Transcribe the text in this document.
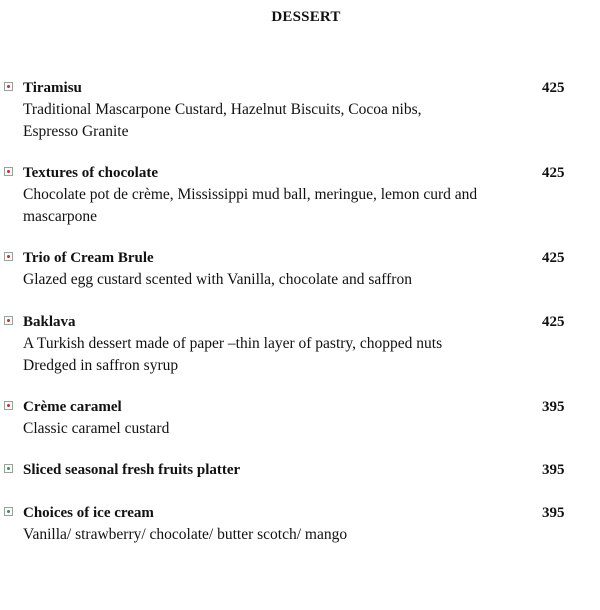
DESSERT
Tiramisu	425
Traditional Mascarpone Custard, Hazelnut Biscuits, Cocoa nibs,
Espresso Granite
Textures of chocolate	425
Chocolate pot de crème, Mississippi mud ball, meringue, lemon curd and
mascarpone
Trio of Cream Brule	425
Glazed egg custard scented with Vanilla, chocolate and saffron
Baklava	425
A Turkish dessert made of paper –thin layer of pastry, chopped nuts
Dredged in saffron syrup
Crème caramel	395
Classic caramel custard
Sliced seasonal fresh fruits platter	395
Choices of ice cream	395
Vanilla/ strawberry/ chocolate/ butter scotch/ mango
